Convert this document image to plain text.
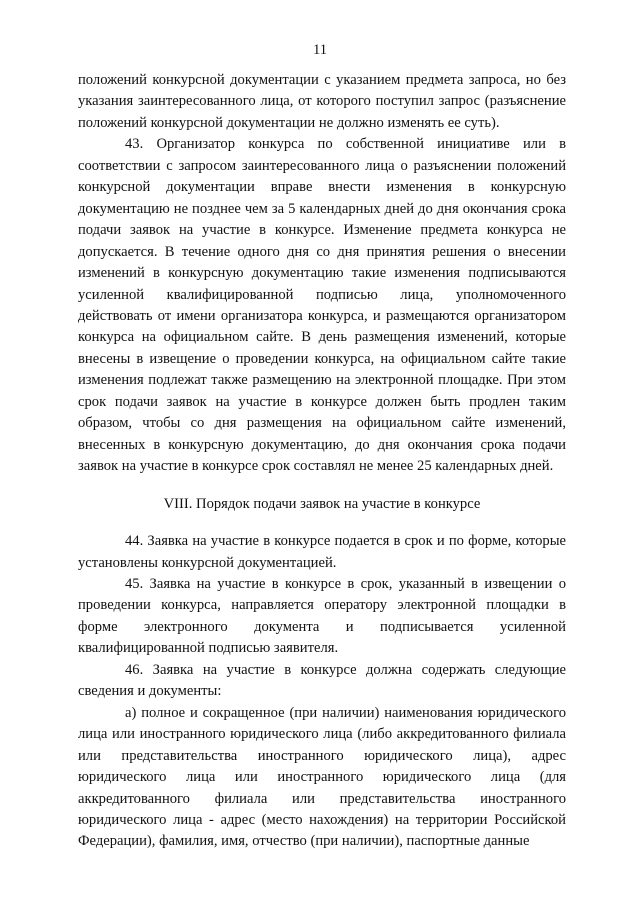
11

положений конкурсной документации с указанием предмета запроса, но без указания заинтересованного лица, от которого поступил запрос (разъяснение положений конкурсной документации не должно изменять ее суть).

43. Организатор конкурса по собственной инициативе или в соответствии с запросом заинтересованного лица о разъяснении положений конкурсной документации вправе внести изменения в конкурсную документацию не позднее чем за 5 календарных дней до дня окончания срока подачи заявок на участие в конкурсе. Изменение предмета конкурса не допускается. В течение одного дня со дня принятия решения о внесении изменений в конкурсную документацию такие изменения подписываются усиленной квалифицированной подписью лица, уполномоченного действовать от имени организатора конкурса, и размещаются организатором конкурса на официальном сайте. В день размещения изменений, которые внесены в извещение о проведении конкурса, на официальном сайте такие изменения подлежат также размещению на электронной площадке. При этом срок подачи заявок на участие в конкурсе должен быть продлен таким образом, чтобы со дня размещения на официальном сайте изменений, внесенных в конкурсную документацию, до дня окончания срока подачи заявок на участие в конкурсе срок составлял не менее 25 календарных дней.

VIII. Порядок подачи заявок на участие в конкурсе

44. Заявка на участие в конкурсе подается в срок и по форме, которые установлены конкурсной документацией.

45. Заявка на участие в конкурсе в срок, указанный в извещении о проведении конкурса, направляется оператору электронной площадки в форме электронного документа и подписывается усиленной квалифицированной подписью заявителя.

46. Заявка на участие в конкурсе должна содержать следующие сведения и документы:

а) полное и сокращенное (при наличии) наименования юридического лица или иностранного юридического лица (либо аккредитованного филиала или представительства иностранного юридического лица), адрес юридического лица или иностранного юридического лица (для аккредитованного филиала или представительства иностранного юридического лица - адрес (место нахождения) на территории Российской Федерации), фамилия, имя, отчество (при наличии), паспортные данные
